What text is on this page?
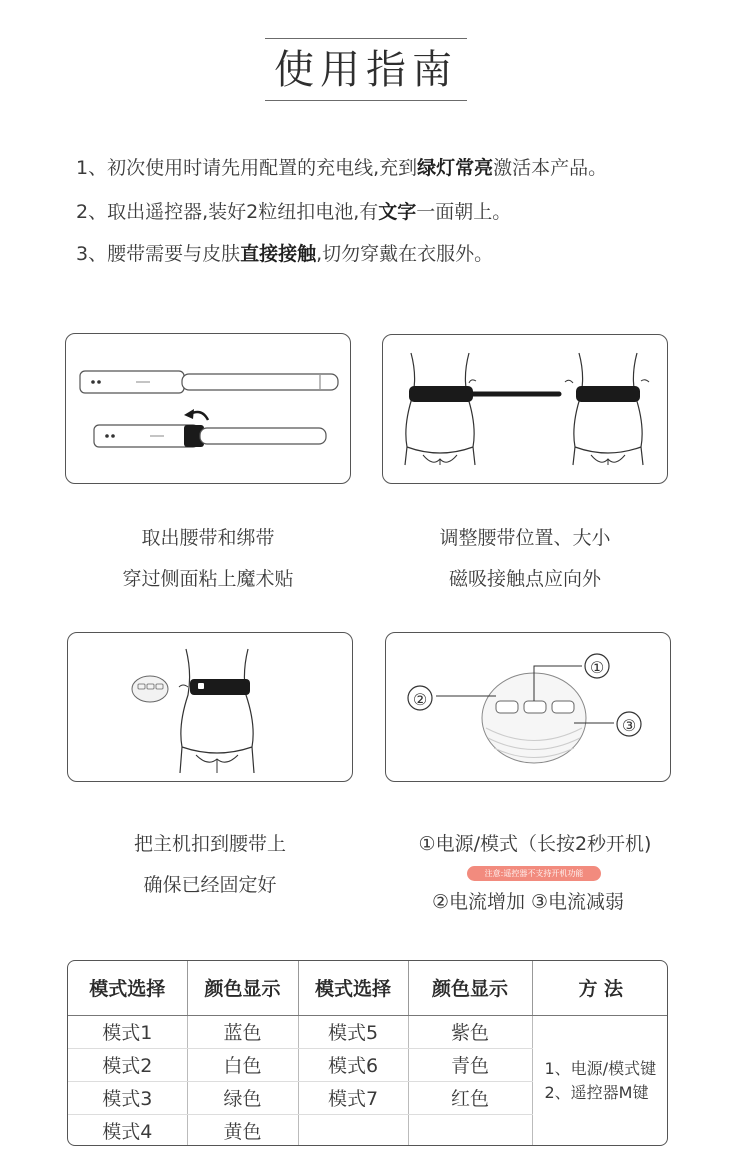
使用指南
1、初次使用时请先用配置的充电线,充到绿灯常亮激活本产品。
2、取出遥控器,装好2粒纽扣电池,有文字一面朝上。
3、腰带需要与皮肤直接接触,切勿穿戴在衣服外。
取出腰带和绑带
穿过侧面粘上魔术贴
调整腰带位置、大小
磁吸接触点应向外
①
②
③
把主机扣到腰带上
确保已经固定好
①电源/模式（长按2秒开机)
注意:遥控器不支持开机功能
②电流增加 ③电流减弱
模式选择	颜色显示	模式选择	颜色显示	方 法
模式1	蓝色	模式5	紫色	1、电源/模式键
2、遥控器M键

模式2	白色	模式6	青色	
模式3	绿色	模式7	红色	
模式4	黄色			
